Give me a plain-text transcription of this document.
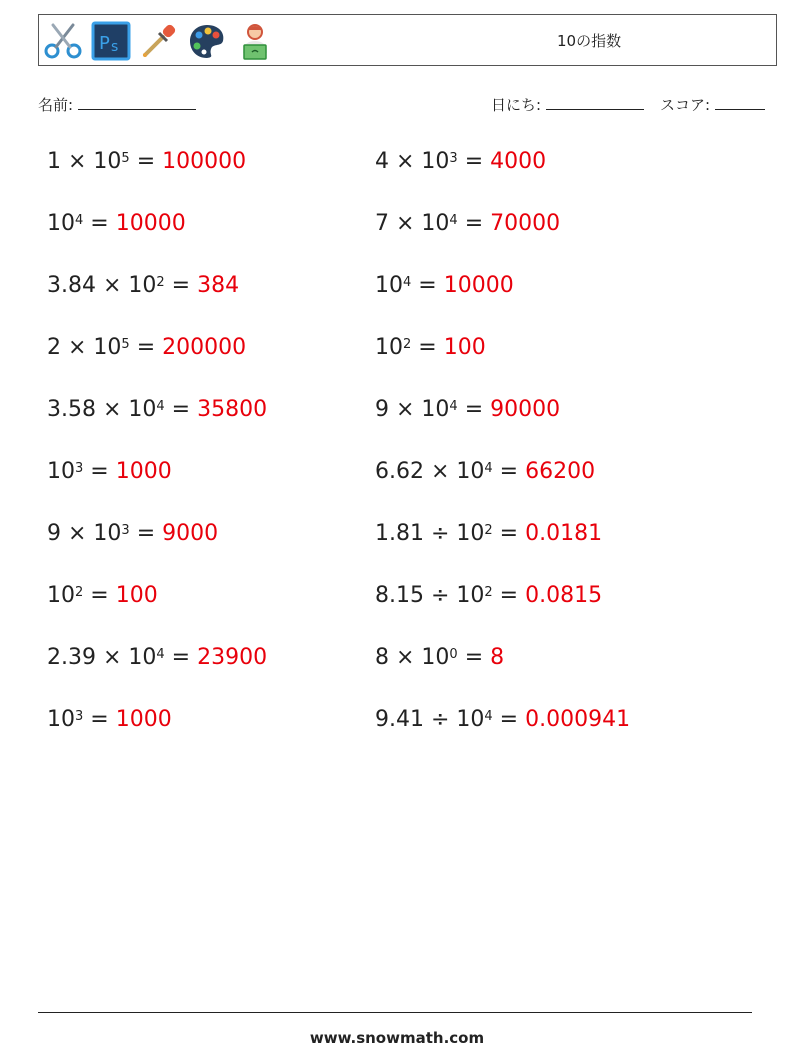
P s	10の指数
名前:	日にち:	スコア:
$1 \times 10^5 = 100000$	$4 \times 10^3 = 4000$
$10^4 = 10000$	$7 \times 10^4 = 70000$
$3.84 \times 10^2 = 384$	$10^4 = 10000$
$2 \times 10^5 = 200000$	$10^2 = 100$
$3.58 \times 10^4 = 35800$	$9 \times 10^4 = 90000$
$10^3 = 1000$	$6.62 \times 10^4 = 66200$
$9 \times 10^3 = 9000$	$1.81 \div 10^2 = 0.0181$
$10^2 = 100$	$8.15 \div 10^2 = 0.0815$
$2.39 \times 10^4 = 23900$	$8 \times 10^0 = 8$
$10^3 = 1000$	$9.41 \div 10^4 = 0.000941$
www.snowmath.com
